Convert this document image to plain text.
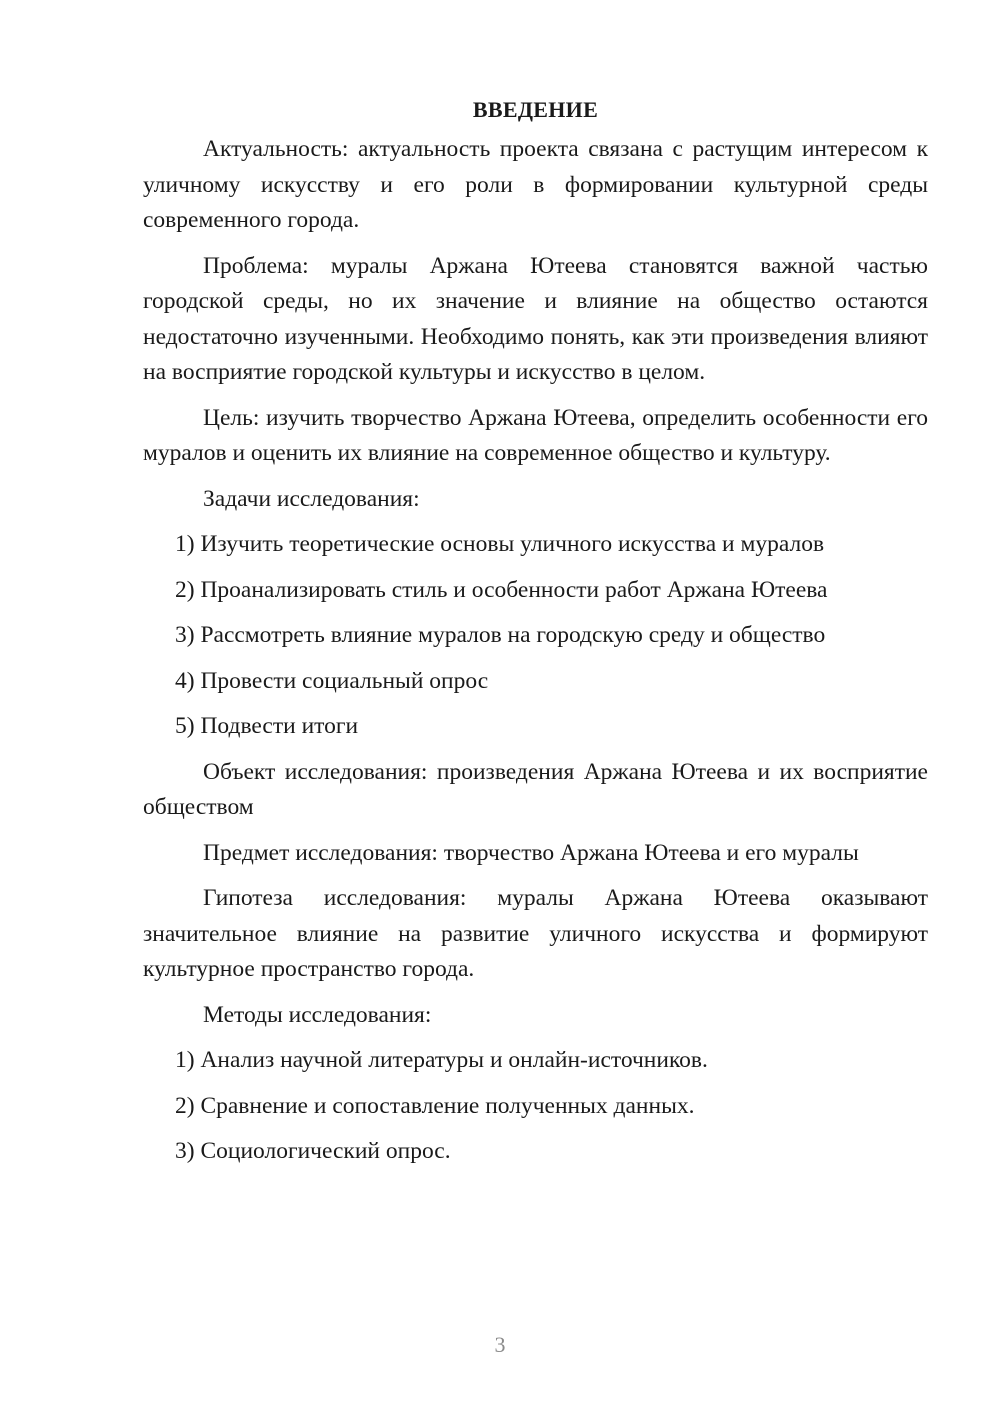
ВВЕДЕНИЕ

Актуальность: актуальность проекта связана с растущим интересом к уличному искусству и его роли в формировании культурной среды современного города.

Проблема: муралы Аржана Ютеева становятся важной частью городской среды, но их значение и влияние на общество остаются недостаточно изученными. Необходимо понять, как эти произведения влияют на восприятие городской культуры и искусство в целом.

Цель: изучить творчество Аржана Ютеева, определить особенности его муралов и оценить их влияние на современное общество и культуру.

Задачи исследования:

1) Изучить теоретические основы уличного искусства и муралов
2) Проанализировать стиль и особенности работ Аржана Ютеева
3) Рассмотреть влияние муралов на городскую среду и общество
4) Провести социальный опрос
5) Подвести итоги

Объект исследования: произведения Аржана Ютеева и их восприятие обществом

Предмет исследования: творчество Аржана Ютеева и его муралы

Гипотеза исследования: муралы Аржана Ютеева оказывают значительное влияние на развитие уличного искусства и формируют культурное пространство города.

Методы исследования:

1) Анализ научной литературы и онлайн-источников.
2) Сравнение и сопоставление полученных данных.
3) Социологический опрос.
3
